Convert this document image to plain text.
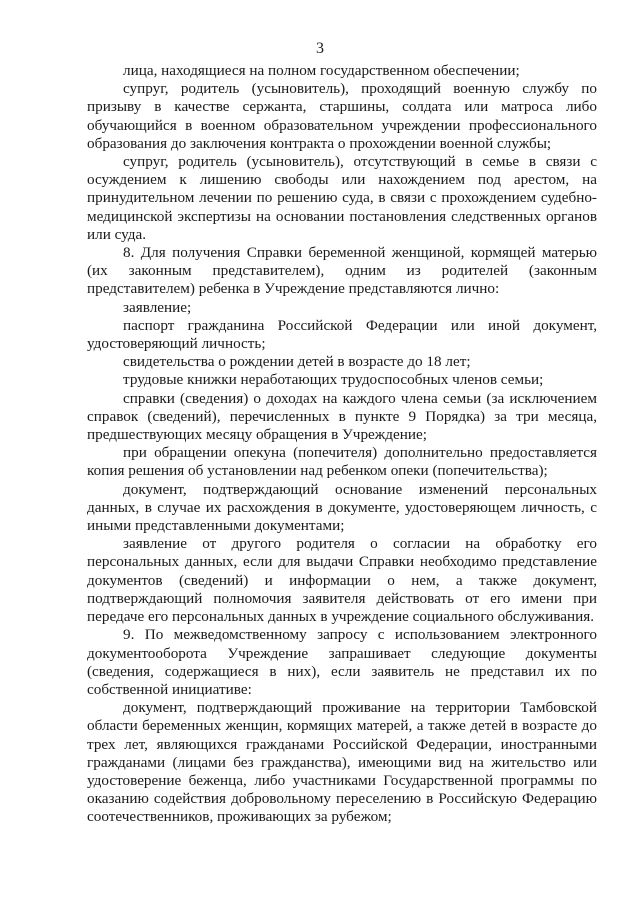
3

лица, находящиеся на полном государственном обеспечении;

супруг, родитель (усыновитель), проходящий военную службу по призыву в качестве сержанта, старшины, солдата или матроса либо обучающийся в военном образовательном учреждении профессионального образования до заключения контракта о прохождении военной службы;

супруг, родитель (усыновитель), отсутствующий в семье в связи с осуждением к лишению свободы или нахождением под арестом, на принудительном лечении по решению суда, в связи с прохождением судебно-медицинской экспертизы на основании постановления следственных органов или суда.

8. Для получения Справки беременной женщиной, кормящей матерью (их законным представителем), одним из родителей (законным представителем) ребенка в Учреждение представляются лично:

заявление;

паспорт гражданина Российской Федерации или иной документ, удостоверяющий личность;

свидетельства о рождении детей в возрасте до 18 лет;

трудовые книжки неработающих трудоспособных членов семьи;

справки (сведения) о доходах на каждого члена семьи (за исключением справок (сведений), перечисленных в пункте 9 Порядка) за три месяца, предшествующих месяцу обращения в Учреждение;

при обращении опекуна (попечителя) дополнительно предоставляется копия решения об установлении над ребенком опеки (попечительства);

документ, подтверждающий основание изменений персональных данных, в случае их расхождения в документе, удостоверяющем личность, с иными представленными документами;

заявление от другого родителя о согласии на обработку его персональных данных, если для выдачи Справки необходимо представление документов (сведений) и информации о нем, а также документ, подтверждающий полномочия заявителя действовать от его имени при передаче его персональных данных в учреждение социального обслуживания.

9. По межведомственному запросу с использованием электронного документооборота Учреждение запрашивает следующие документы (сведения, содержащиеся в них), если заявитель не представил их по собственной инициативе:

документ, подтверждающий проживание на территории Тамбовской области беременных женщин, кормящих матерей, а также детей в возрасте до трех лет, являющихся гражданами Российской Федерации, иностранными гражданами (лицами без гражданства), имеющими вид на жительство или удостоверение беженца, либо участниками Государственной программы по оказанию содействия добровольному переселению в Российскую Федерацию соотечественников, проживающих за рубежом;
